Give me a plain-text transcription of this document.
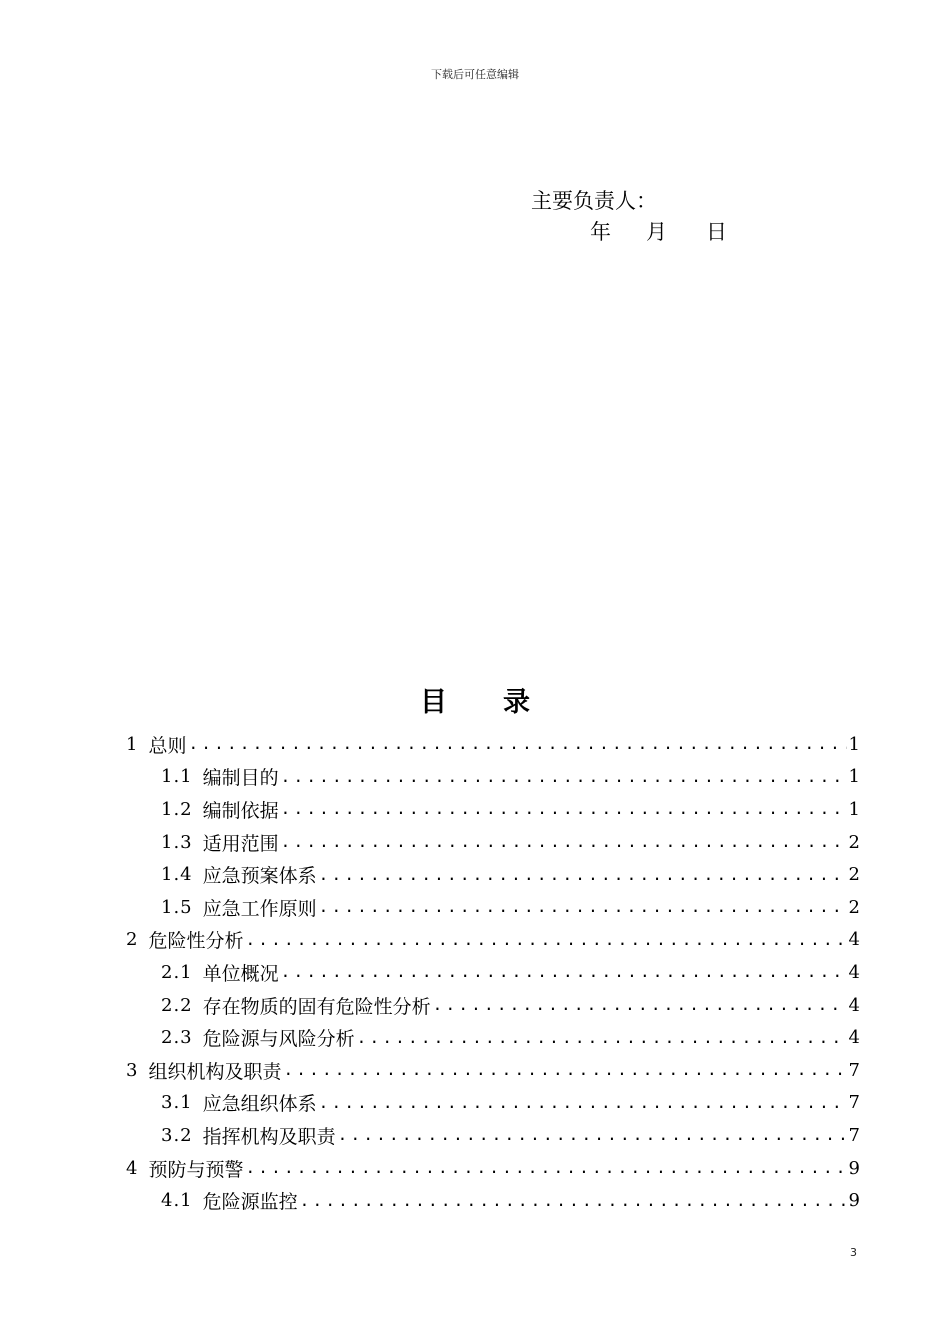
下载后可任意编辑
主要负责人：
年 月 日
目 录
1 总则 .....	1
1.1 编制目的 .....	1
1.2 编制依据 .....	1
1.3 适用范围 .....	2
1.4 应急预案体系 .....	2
1.5 应急工作原则 .....	2
2 危险性分析 .....	4
2.1 单位概况 .....	4
2.2 存在物质的固有危险性分析 .....	4
2.3 危险源与风险分析 .....	4
3 组织机构及职责 .....	7
3.1 应急组织体系 .....	7
3.2 指挥机构及职责 .....	7
4 预防与预警 .....	9
4.1 危险源监控 .....	9
3
